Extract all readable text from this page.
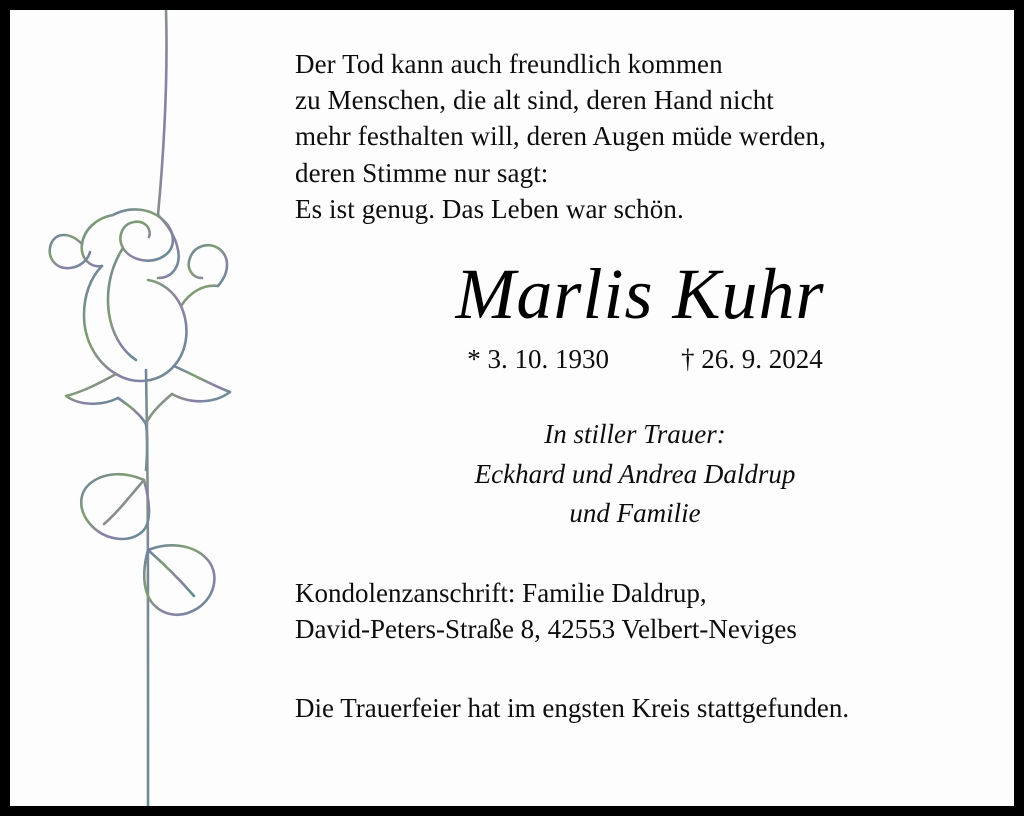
Der Tod kann auch freundlich kommen
zu Menschen, die alt sind, deren Hand nicht
mehr festhalten will, deren Augen müde werden,
deren Stimme nur sagt:
Es ist genug. Das Leben war schön.
Marlis Kuhr
* 3. 10. 1930	† 26. 9. 2024
In stiller Trauer:
Eckhard und Andrea Daldrup
und Familie
Kondolenzanschrift: Familie Daldrup,
David-Peters-Straße 8, 42553 Velbert-Neviges
Die Trauerfeier hat im engsten Kreis stattgefunden.
